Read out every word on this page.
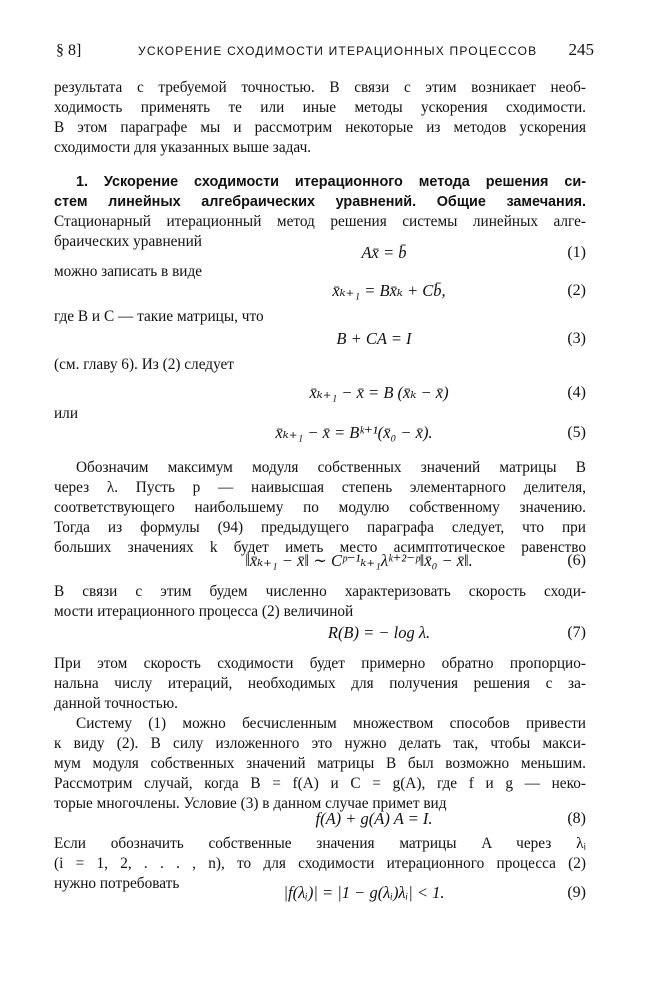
§ 8]	УСКОРЕНИЕ СХОДИМОСТИ ИТЕРАЦИОННЫХ ПРОЦЕССОВ 245
результата с требуемой точностью. В связи с этим возникает необ-
ходимость применять те или иные методы ускорения сходимости.
В этом параграфе мы и рассмотрим некоторые из методов ускорения
сходимости для указанных выше задач.
1. Ускорение сходимости итерационного метода решения си-
стем линейных алгебраических уравнений. Общие замечания.
Стационарный итерационный метод решения системы линейных алге-
браических уравнений
Ax̄ = b̄	(1)
можно записать в виде
x̄ₖ₊₁ = Bx̄ₖ + Cb̄,	(2)
где B и C — такие матрицы, что
B + CA = I	(3)
(см. главу 6). Из (2) следует
x̄ₖ₊₁ − x̄ = B (x̄ₖ − x̄)	(4)
или
x̄ₖ₊₁ − x̄ = Bᵏ⁺¹(x̄₀ − x̄).	(5)
Обозначим максимум модуля собственных значений матрицы B
через λ. Пусть p — наивысшая степень элементарного делителя,
соответствующего наибольшему по модулю собственному значению.
Тогда из формулы (94) предыдущего параграфа следует, что при
больших значениях k будет иметь место асимптотическое равенство
‖x̄ₖ₊₁ − x̄‖ ∼ Cᵖ⁻¹ₖ₊₁λᵏ⁺²⁻ᵖ‖x̄₀ − x̄‖.	(6)
В связи с этим будем численно характеризовать скорость сходи-
мости итерационного процесса (2) величиной
R(B) = − log λ.	(7)
При этом скорость сходимости будет примерно обратно пропорцио-
нальна числу итераций, необходимых для получения решения с за-
данной точностью.
Систему (1) можно бесчисленным множеством способов привести
к виду (2). В силу изложенного это нужно делать так, чтобы макси-
мум модуля собственных значений матрицы B был возможно меньшим.
Рассмотрим случай, когда B = f(A) и C = g(A), где f и g — неко-
торые многочлены. Условие (3) в данном случае примет вид
f(A) + g(A) A = I.	(8)
Если обозначить собственные значения матрицы A через λᵢ
(i = 1, 2, . . . , n), то для сходимости итерационного процесса (2)
нужно потребовать	|f(λᵢ)| = |1 − g(λᵢ)λᵢ| < 1.	(9)
